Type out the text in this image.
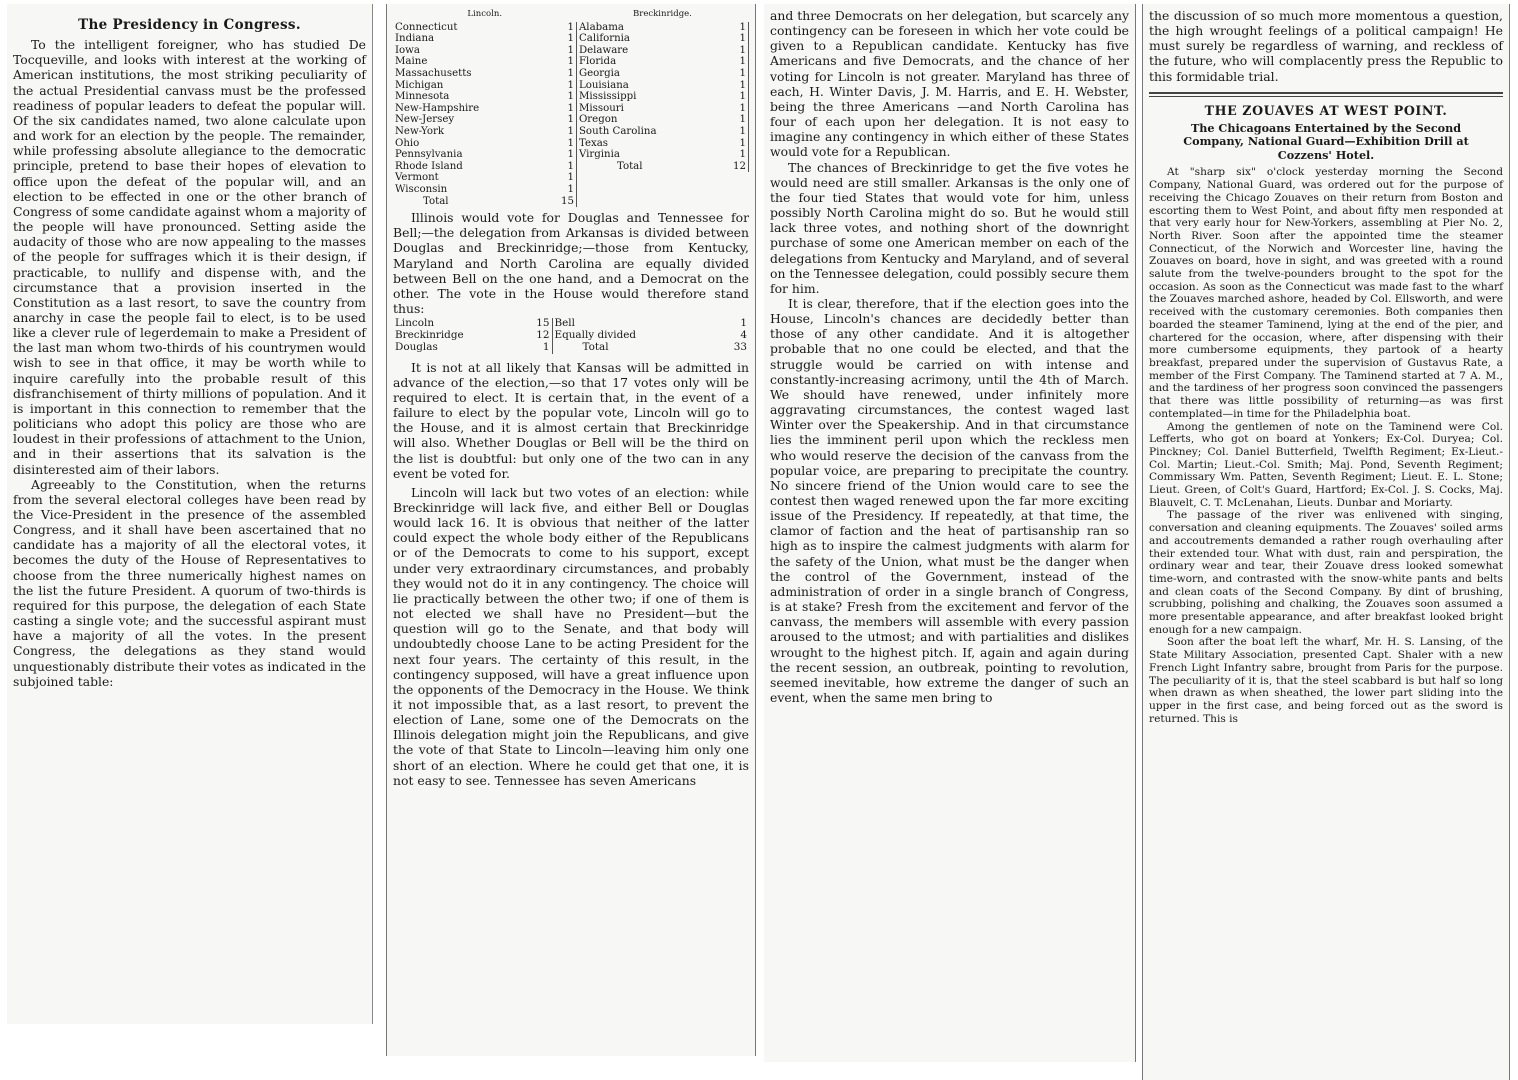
The Presidency in Congress.

To the intelligent foreigner, who has studied De Tocqueville, and looks with interest at the working of American institutions, the most striking peculiarity of the actual Presidential canvass must be the professed readiness of popular leaders to defeat the popular will. Of the six candidates named, two alone calculate upon and work for an election by the people. The remainder, while professing absolute allegiance to the democratic principle, pretend to base their hopes of elevation to office upon the defeat of the popular will, and an election to be effected in one or the other branch of Congress of some candidate against whom a majority of the people will have pronounced. Setting aside the audacity of those who are now appealing to the masses of the people for suffrages which it is their design, if practicable, to nullify and dispense with, and the circumstance that a provision inserted in the Constitution as a last resort, to save the country from anarchy in case the people fail to elect, is to be used like a clever rule of legerdemain to make a President of the last man whom two-thirds of his countrymen would wish to see in that office, it may be worth while to inquire carefully into the probable result of this disfranchisement of thirty millions of population. And it is important in this connection to remember that the politicians who adopt this policy are those who are loudest in their professions of attachment to the Union, and in their assertions that its salvation is the disinterested aim of their labors.

Agreeably to the Constitution, when the returns from the several electoral colleges have been read by the Vice-President in the presence of the assembled Congress, and it shall have been ascertained that no candidate has a majority of all the electoral votes, it becomes the duty of the House of Representatives to choose from the three numerically highest names on the list the future President. A quorum of two-thirds is required for this purpose, the delegation of each State casting a single vote; and the successful aspirant must have a majority of all the votes. In the present Congress, the delegations as they stand would unquestionably distribute their votes as indicated in the subjoined table:

Lincoln.		Breckinridge.	
Connecticut	1	Alabama	1
Indiana	1	California	1
Iowa	1	Delaware	1
Maine	1	Florida	1
Massachusetts	1	Georgia	1
Michigan	1	Louisiana	1
Minnesota	1	Mississippi	1
New-Hampshire	1	Missouri	1
New-Jersey	1	Oregon	1
New-York	1	South Carolina	1
Ohio	1	Texas	1
Pennsylvania	1	Virginia	1
Rhode Island	1	Total	12
Vermont	1		
Wisconsin	1		
Total	15		

Illinois would vote for Douglas and Tennessee for Bell;—the delegation from Arkansas is divided between Douglas and Breckinridge;—those from Kentucky, Maryland and North Carolina are equally divided between Bell on the one hand, and a Democrat on the other. The vote in the House would therefore stand thus:

Lincoln	15	Bell	1
Breckinridge	12	Equally divided	4
Douglas	1	Total	33

It is not at all likely that Kansas will be admitted in advance of the election,—so that 17 votes only will be required to elect. It is certain that, in the event of a failure to elect by the popular vote, Lincoln will go to the House, and it is almost certain that Breckinridge will also. Whether Douglas or Bell will be the third on the list is doubtful: but only one of the two can in any event be voted for.

Lincoln will lack but two votes of an election: while Breckinridge will lack five, and either Bell or Douglas would lack 16. It is obvious that neither of the latter could expect the whole body either of the Republicans or of the Democrats to come to his support, except under very extraordinary circumstances, and probably they would not do it in any contingency. The choice will lie practically between the other two; if one of them is not elected we shall have no President—but the question will go to the Senate, and that body will undoubtedly choose Lane to be acting President for the next four years. The certainty of this result, in the contingency supposed, will have a great influence upon the opponents of the Democracy in the House. We think it not impossible that, as a last resort, to prevent the election of Lane, some one of the Democrats on the Illinois delegation might join the Republicans, and give the vote of that State to Lincoln—leaving him only one short of an election. Where he could get that one, it is not easy to see. Tennessee has seven Americans

and three Democrats on her delegation, but scarcely any contingency can be foreseen in which her vote could be given to a Republican candidate. Kentucky has five Americans and five Democrats, and the chance of her voting for Lincoln is not greater. Maryland has three of each, H. Winter Davis, J. M. Harris, and E. H. Webster, being the three Americans —and North Carolina has four of each upon her delegation. It is not easy to imagine any contingency in which either of these States would vote for a Republican.

The chances of Breckinridge to get the five votes he would need are still smaller. Arkansas is the only one of the four tied States that would vote for him, unless possibly North Carolina might do so. But he would still lack three votes, and nothing short of the downright purchase of some one American member on each of the delegations from Kentucky and Maryland, and of several on the Tennessee delegation, could possibly secure them for him.

It is clear, therefore, that if the election goes into the House, Lincoln's chances are decidedly better than those of any other candidate. And it is altogether probable that no one could be elected, and that the struggle would be carried on with intense and constantly-increasing acrimony, until the 4th of March. We should have renewed, under infinitely more aggravating circumstances, the contest waged last Winter over the Speakership. And in that circumstance lies the imminent peril upon which the reckless men who would reserve the decision of the canvass from the popular voice, are preparing to precipitate the country. No sincere friend of the Union would care to see the contest then waged renewed upon the far more exciting issue of the Presidency. If repeatedly, at that time, the clamor of faction and the heat of partisanship ran so high as to inspire the calmest judgments with alarm for the safety of the Union, what must be the danger when the control of the Government, instead of the administration of order in a single branch of Congress, is at stake? Fresh from the excitement and fervor of the canvass, the members will assemble with every passion aroused to the utmost; and with partialities and dislikes wrought to the highest pitch. If, again and again during the recent session, an outbreak, pointing to revolution, seemed inevitable, how extreme the danger of such an event, when the same men bring to

the discussion of so much more momentous a question, the high wrought feelings of a political campaign! He must surely be regardless of warning, and reckless of the future, who will complacently press the Republic to this formidable trial.

THE ZOUAVES AT WEST POINT.
The Chicagoans Entertained by the Second Company, National Guard—Exhibition Drill at Cozzens' Hotel.

At "sharp six" o'clock yesterday morning the Second Company, National Guard, was ordered out for the purpose of receiving the Chicago Zouaves on their return from Boston and escorting them to West Point, and about fifty men responded at that very early hour for New-Yorkers, assembling at Pier No. 2, North River. Soon after the appointed time the steamer Connecticut, of the Norwich and Worcester line, having the Zouaves on board, hove in sight, and was greeted with a round salute from the twelve-pounders brought to the spot for the occasion. As soon as the Connecticut was made fast to the wharf the Zouaves marched ashore, headed by Col. Ellsworth, and were received with the customary ceremonies. Both companies then boarded the steamer Taminend, lying at the end of the pier, and chartered for the occasion, where, after dispensing with their more cumbersome equipments, they partook of a hearty breakfast, prepared under the supervision of Gustavus Rate, a member of the First Company. The Taminend started at 7 A. M., and the tardiness of her progress soon convinced the passengers that there was little possibility of returning—as was first contemplated—in time for the Philadelphia boat.

Among the gentlemen of note on the Taminend were Col. Lefferts, who got on board at Yonkers; Ex-Col. Duryea; Col. Pinckney; Col. Daniel Butterfield, Twelfth Regiment; Ex-Lieut.-Col. Martin; Lieut.-Col. Smith; Maj. Pond, Seventh Regiment; Commissary Wm. Patten, Seventh Regiment; Lieut. E. L. Stone; Lieut. Green, of Colt's Guard, Hartford; Ex-Col. J. S. Cocks, Maj. Blauvelt, C. T. McLenahan, Lieuts. Dunbar and Moriarty.

The passage of the river was enlivened with singing, conversation and cleaning equipments. The Zouaves' soiled arms and accoutrements demanded a rather rough overhauling after their extended tour. What with dust, rain and perspiration, the ordinary wear and tear, their Zouave dress looked somewhat time-worn, and contrasted with the snow-white pants and belts and clean coats of the Second Company. By dint of brushing, scrubbing, polishing and chalking, the Zouaves soon assumed a more presentable appearance, and after breakfast looked bright enough for a new campaign.

Soon after the boat left the wharf, Mr. H. S. Lansing, of the State Military Association, presented Capt. Shaler with a new French Light Infantry sabre, brought from Paris for the purpose. The peculiarity of it is, that the steel scabbard is but half so long when drawn as when sheathed, the lower part sliding into the upper in the first case, and being forced out as the sword is returned. This is
